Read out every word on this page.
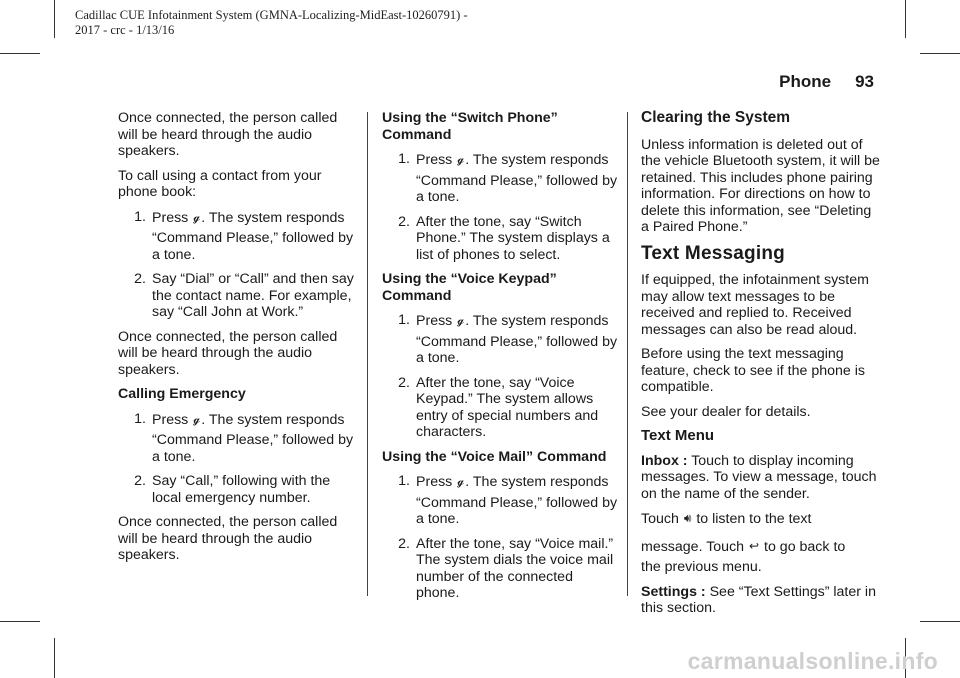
Cadillac CUE Infotainment System (GMNA-Localizing-MidEast-10260791) -
2017 - crc - 1/13/16
Phone 93

Once connected, the person called will be heard through the audio speakers.

To call using a contact from your phone book:

1. Press 𝓰. The system responds
“Command Please,” followed by a tone.
2. Say “Dial” or “Call” and then say the contact name. For example, say “Call John at Work.”

Once connected, the person called will be heard through the audio speakers.

Calling Emergency

1. Press 𝓰. The system responds
“Command Please,” followed by a tone.
2. Say “Call,” following with the local emergency number.

Once connected, the person called will be heard through the audio speakers.

Using the “Switch Phone” Command

1. Press 𝓰. The system responds
“Command Please,” followed by a tone.
2. After the tone, say “Switch Phone.” The system displays a list of phones to select.

Using the “Voice Keypad” Command

1. Press 𝓰. The system responds
“Command Please,” followed by a tone.
2. After the tone, say “Voice Keypad.” The system allows entry of special numbers and characters.

Using the “Voice Mail” Command

1. Press 𝓰. The system responds
“Command Please,” followed by a tone.
2. After the tone, say “Voice mail.” The system dials the voice mail number of the connected phone.
Clearing the System

Unless information is deleted out of the vehicle Bluetooth system, it will be retained. This includes phone pairing information. For directions on how to delete this information, see “Deleting a Paired Phone.”

Text Messaging

If equipped, the infotainment system may allow text messages to be received and replied to. Received messages can also be read aloud.

Before using the text messaging feature, check to see if the phone is compatible.

See your dealer for details.

Text Menu

Inbox : Touch to display incoming messages. To view a message, touch on the name of the sender.

Touch 🔊︎ to listen to the text

message. Touch ↩ to go back to

the previous menu.

Settings : See “Text Settings” later in this section.

carmanualsonline.info
